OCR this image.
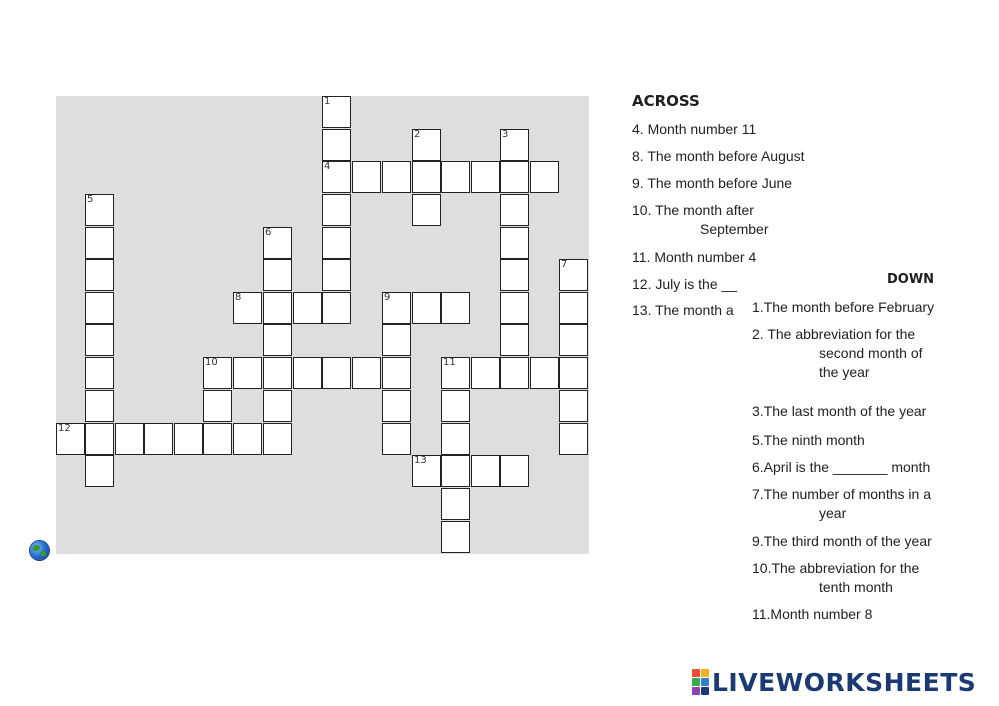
1
4
2	3
5
6
7
8	9
10	11
12
13
ACROSS
4. Month number 11
8. The month before August
9. The month before June
10. The month after
September
11. Month number 4
12. July is the __
13. The month a
DOWN
1.The month before February
2. The abbreviation for the
second month of
the year
3.The last month of the year
5.The ninth month
6.April is the _______ month
7.The number of months in a
year
9.The third month of the year
10.The abbreviation for the
tenth month
11.Month number 8
LIVEWORKSHEETS
